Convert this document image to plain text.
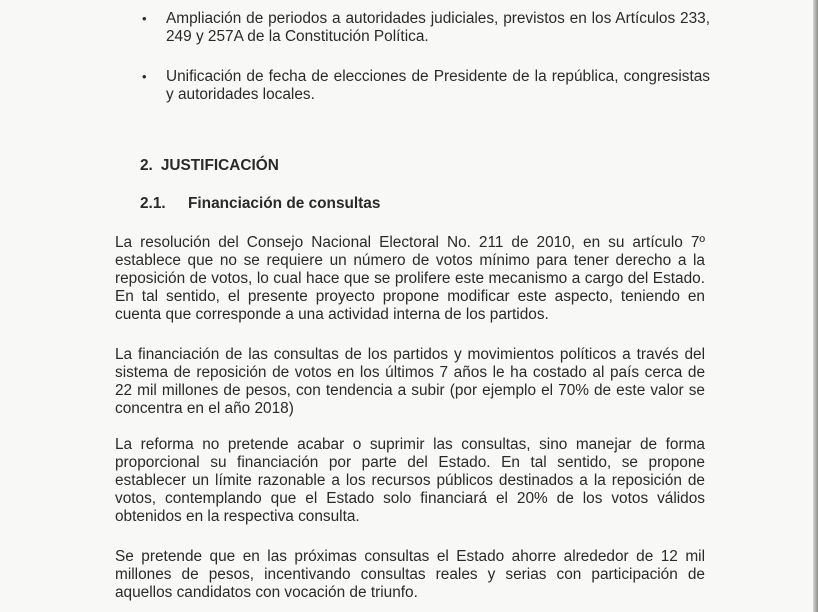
• Ampliación de periodos a autoridades judiciales, previstos en los Artículos 233, 249 y 257A de la Constitución Política.
• Unificación de fecha de elecciones de Presidente de la república, congresistas y autoridades locales.
2. JUSTIFICACIÓN
2.1. Financiación de consultas

La resolución del Consejo Nacional Electoral No. 211 de 2010, en su artículo 7º establece que no se requiere un número de votos mínimo para tener derecho a la reposición de votos, lo cual hace que se prolifere este mecanismo a cargo del Estado. En tal sentido, el presente proyecto propone modificar este aspecto, teniendo en cuenta que corresponde a una actividad interna de los partidos.

La financiación de las consultas de los partidos y movimientos políticos a través del sistema de reposición de votos en los últimos 7 años le ha costado al país cerca de 22 mil millones de pesos, con tendencia a subir (por ejemplo el 70% de este valor se concentra en el año 2018)

La reforma no pretende acabar o suprimir las consultas, sino manejar de forma proporcional su financiación por parte del Estado. En tal sentido, se propone establecer un límite razonable a los recursos públicos destinados a la reposición de votos, contemplando que el Estado solo financiará el 20% de los votos válidos obtenidos en la respectiva consulta.

Se pretende que en las próximas consultas el Estado ahorre alrededor de 12 mil millones de pesos, incentivando consultas reales y serias con participación de aquellos candidatos con vocación de triunfo.
